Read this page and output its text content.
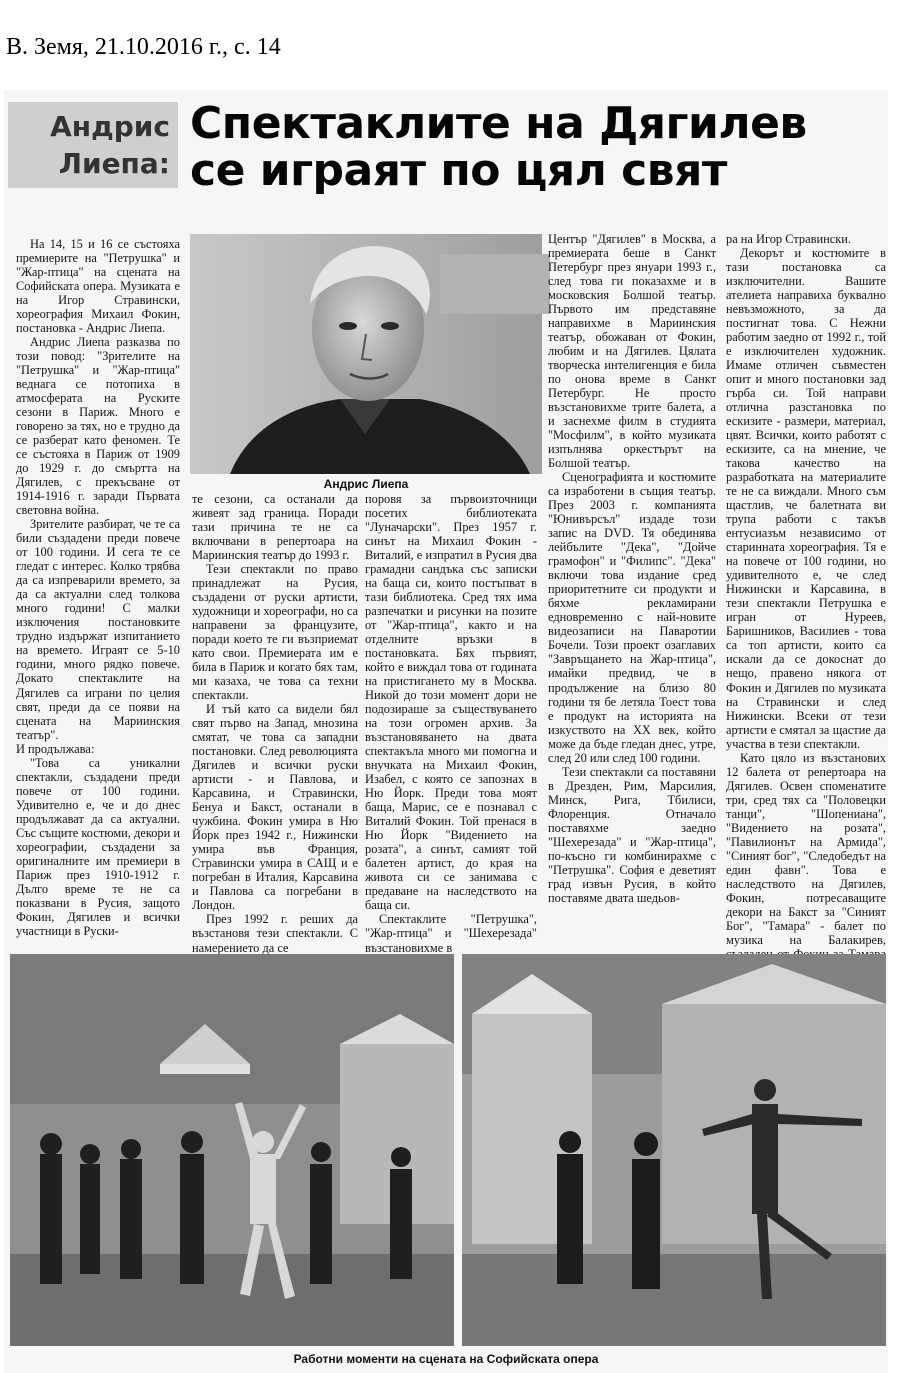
В. Земя, 21.10.2016 г., с. 14
Андрис
Лиепа:
Спектаклите на Дягилев
се играят по цял свят

На 14, 15 и 16 се състояха премиерите на "Петрушка" и "Жар-птица" на сцената на Софийската опера. Музиката е на Игор Стравински, хореография Михаил Фокин, постановка - Андрис Лиепа.

Андрис Лиепа разказва по този повод: "Зрителите на "Петрушка" и "Жар-птица" веднага се потопиха в атмосферата на Руските сезони в Париж. Много е говорено за тях, но е трудно да се разберат като феномен. Те се състояха в Париж от 1909 до 1929 г. до смъртта на Дягилев, с прекъсване от 1914-1916 г. заради Първата световна война.

Зрителите разбират, че те са били създадени преди повече от 100 години. И сега те се гледат с интерес. Колко трябва да са изпреварили времето, за да са актуални след толкова много години! С малки изключения постановките трудно издържат изпитанието на времето. Играят се 5-10 години, много рядко повече. Докато спектаклите на Дягилев са играни по целия свят, преди да се появи на сцената на Мариинския театър".

И продължава:

"Това са уникални спектакли, създадени преди повече от 100 години. Удивително е, че и до днес продължават да са актуални. Със същите костюми, декори и хореографии, създадени за оригиналните им премиери в Париж през 1910-1912 г. Дълго време те не са показвани в Русия, защото Фокин, Дягилев и всички участници в Руски-

Андрис Лиепа

те сезони, са останали да живеят зад граница. Поради тази причина те не са включвани в репертоара на Мариинския театър до 1993 г.

Тези спектакли по право принадлежат на Русия, създадени от руски артисти, художници и хореографи, но са направени за французите, поради което те ги възприемат като свои. Премиерата им е била в Париж и когато бях там, ми казаха, че това са техни спектакли.

И тъй като са видели бял свят първо на Запад, мнозина смятат, че това са западни постановки. След революцията Дягилев и всички руски артисти - и Павлова, и Карсавина, и Стравински, Бенуа и Бакст, останали в чужбина. Фокин умира в Ню Йорк през 1942 г., Нижински умира във Франция, Стравински умира в САЩ и е погребан в Италия, Карсавина и Павлова са погребани в Лондон.

През 1992 г. реших да възстановя тези спектакли. С намерението да се

поровя за първоизточници посетих библиотеката "Луначарски". През 1957 г. синът на Михаил Фокин - Виталий, е изпратил в Русия два грамадни сандъка със записки на баща си, които постъпват в тази библиотека. Сред тях има разпечатки и рисунки на позите от "Жар-птица", както и на отделните връзки в постановката. Бях първият, който е виждал това от годината на пристигането му в Москва. Никой до този момент дори не подозираше за съществуването на този огромен архив. За възстановяването на двата спектакъла много ми помогна и внучката на Михаил Фокин, Изабел, с която се запознах в Ню Йорк. Преди това моят баща, Марис, се е познавал с Виталий Фокин. Той пренася в Ню Йорк "Видението на розата", а синът, самият той балетен артист, до края на живота си се занимава с предаване на наследството на баща си.

Спектаклите "Петрушка", "Жар-птица" и "Шехерезада" възстановихме в

Център "Дягилев" в Москва, а премиерата беше в Санкт Петербург през януари 1993 г., след това ги показахме и в московския Болшой театър. Първото им представяне направихме в Мариинския театър, обожаван от Фокин, любим и на Дягилев. Цялата творческа интелигенция е била по онова време в Санкт Петербург. Не просто възстановихме трите балета, а и заснехме филм в студията "Мосфилм", в който музиката изпълнява оркестърът на Болшой театър.

Сценографията и костюмите са изработени в същия театър. През 2003 г. компанията "Юнивърсъл" издаде този запис на DVD. Тя обединява лейбълите "Дека", "Дойче грамофон" и "Филипс". "Дека" включи това издание сред приоритетните си продукти и бяхме рекламирани едновременно с най-новите видеозаписи на Паваротии Бочели. Този проект озаглавих "Завръщането на Жар-птица", имайки предвид, че в продължение на близо 80 години тя бе летяла Тоест това е продукт на историята на изкуството на XX век, който може да бъде гледан днес, утре, след 20 или след 100 години.

Тези спектакли са поставяни в Дрезден, Рим, Марсилия, Минск, Рига, Тбилиси, Флоренция. Отначало поставяхме заедно "Шехерезада" и "Жар-птица", по-късно ги комбинирахме с "Петрушка". София е деветият град извън Русия, в който поставяме двата шедьов-

ра на Игор Стравински.

Декорът и костюмите в тази постановка са изключителни. Вашите ателиета направиха буквално невъзможното, за да постигнат това. С Нежни работим заедно от 1992 г., той е изключителен художник. Имаме отличен съвместен опит и много постановки зад гърба си. Той направи отлична разстановка по ескизите - размери, материал, цвят. Всички, които работят с ескизите, са на мнение, че такова качество на разработката на материалите те не са виждали. Много съм щастлив, че балетната ви трупа работи с такъв ентусиазъм независимо от старинната хореография. Тя е на повече от 100 години, но удивителното е, че след Нижински и Карсавина, в тези спектакли Петрушка е игран от Нуреев, Баришников, Василиев - това са топ артисти, които са искали да се докоснат до нещо, правено някога от Фокин и Дягилев по музиката на Стравински и след Нижински. Всеки от тези артисти е смятал за щастие да участва в тези спектакли.

Като цяло из възстанових 12 балета от репертоара на Дягилев. Освен споменатите три, сред тях са "Половецки танци", "Шопениана", "Видението на розата", "Павилионът на Армида", "Синият бог", "Следобедът на един фавн". Това е наследството на Дягилев, Фокин, потресаващите декори на Бакст за "Синият Бог", "Тамара" - балет по музика на Балакирев,

Работни моменти на сцената на Софийската опера
